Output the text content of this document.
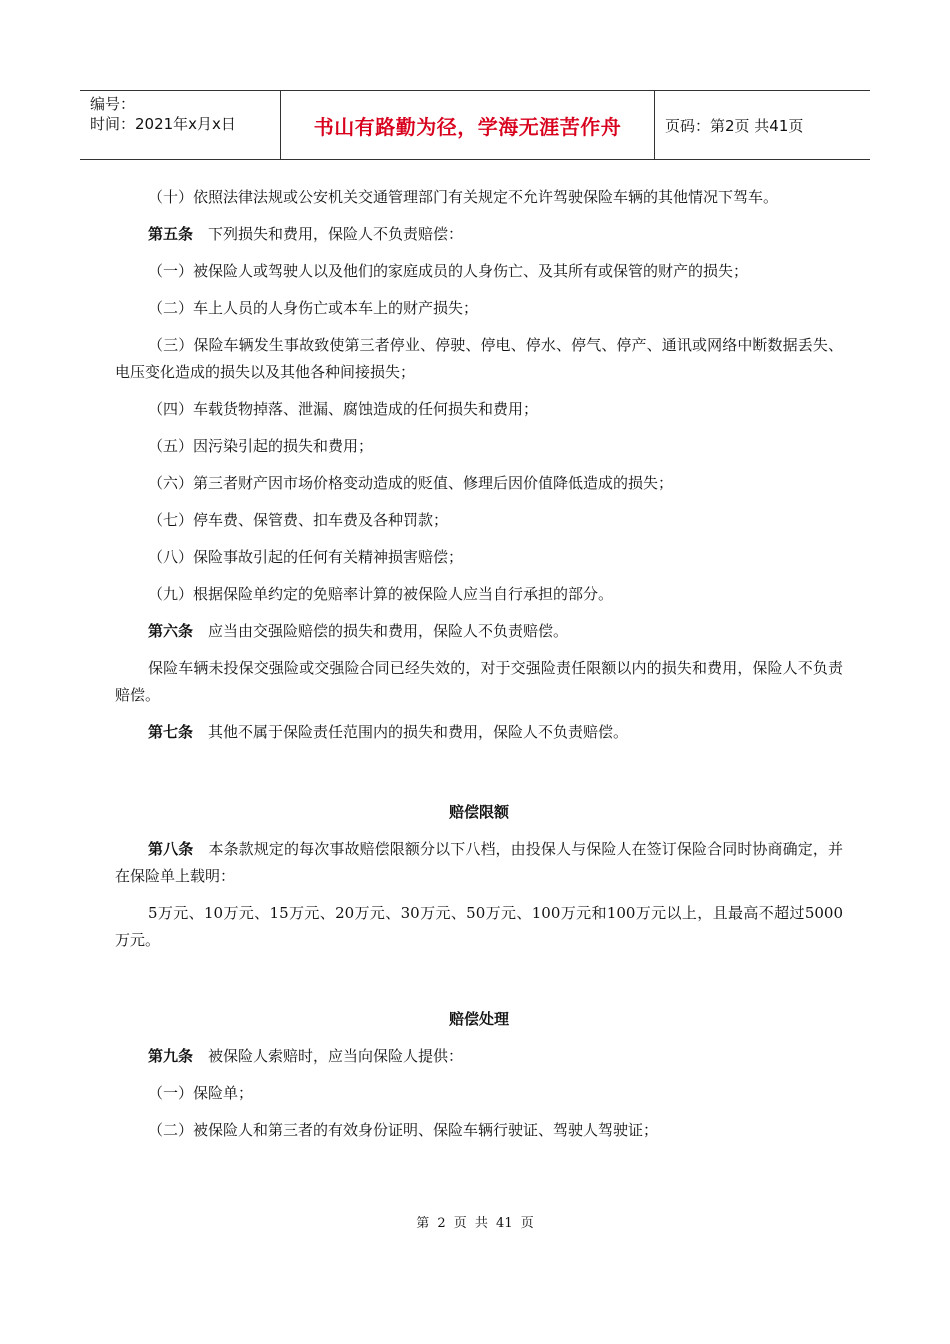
编号：
时间：2021年x月x日	书山有路勤为径，学海无涯苦作舟	页码：第2页 共41页
（十）依照法律法规或公安机关交通管理部门有关规定不允许驾驶保险车辆的其他情况下驾车。
第五条　下列损失和费用，保险人不负责赔偿：
（一）被保险人或驾驶人以及他们的家庭成员的人身伤亡、及其所有或保管的财产的损失；
（二）车上人员的人身伤亡或本车上的财产损失；
（三）保险车辆发生事故致使第三者停业、停驶、停电、停水、停气、停产、通讯或网络中断数据丢失、电压变化造成的损失以及其他各种间接损失；
（四）车载货物掉落、泄漏、腐蚀造成的任何损失和费用；
（五）因污染引起的损失和费用；
（六）第三者财产因市场价格变动造成的贬值、修理后因价值降低造成的损失；
（七）停车费、保管费、扣车费及各种罚款；
（八）保险事故引起的任何有关精神损害赔偿；
（九）根据保险单约定的免赔率计算的被保险人应当自行承担的部分。
第六条　应当由交强险赔偿的损失和费用，保险人不负责赔偿。
保险车辆未投保交强险或交强险合同已经失效的，对于交强险责任限额以内的损失和费用，保险人不负责赔偿。
第七条　其他不属于保险责任范围内的损失和费用，保险人不负责赔偿。
赔偿限额
第八条　本条款规定的每次事故赔偿限额分以下八档，由投保人与保险人在签订保险合同时协商确定，并在保险单上载明：
5万元、10万元、15万元、20万元、30万元、50万元、100万元和100万元以上，且最高不超过5000万元。
赔偿处理
第九条　被保险人索赔时，应当向保险人提供：
（一）保险单；
（二）被保险人和第三者的有效身份证明、保险车辆行驶证、驾驶人驾驶证；
第 2 页 共 41 页
